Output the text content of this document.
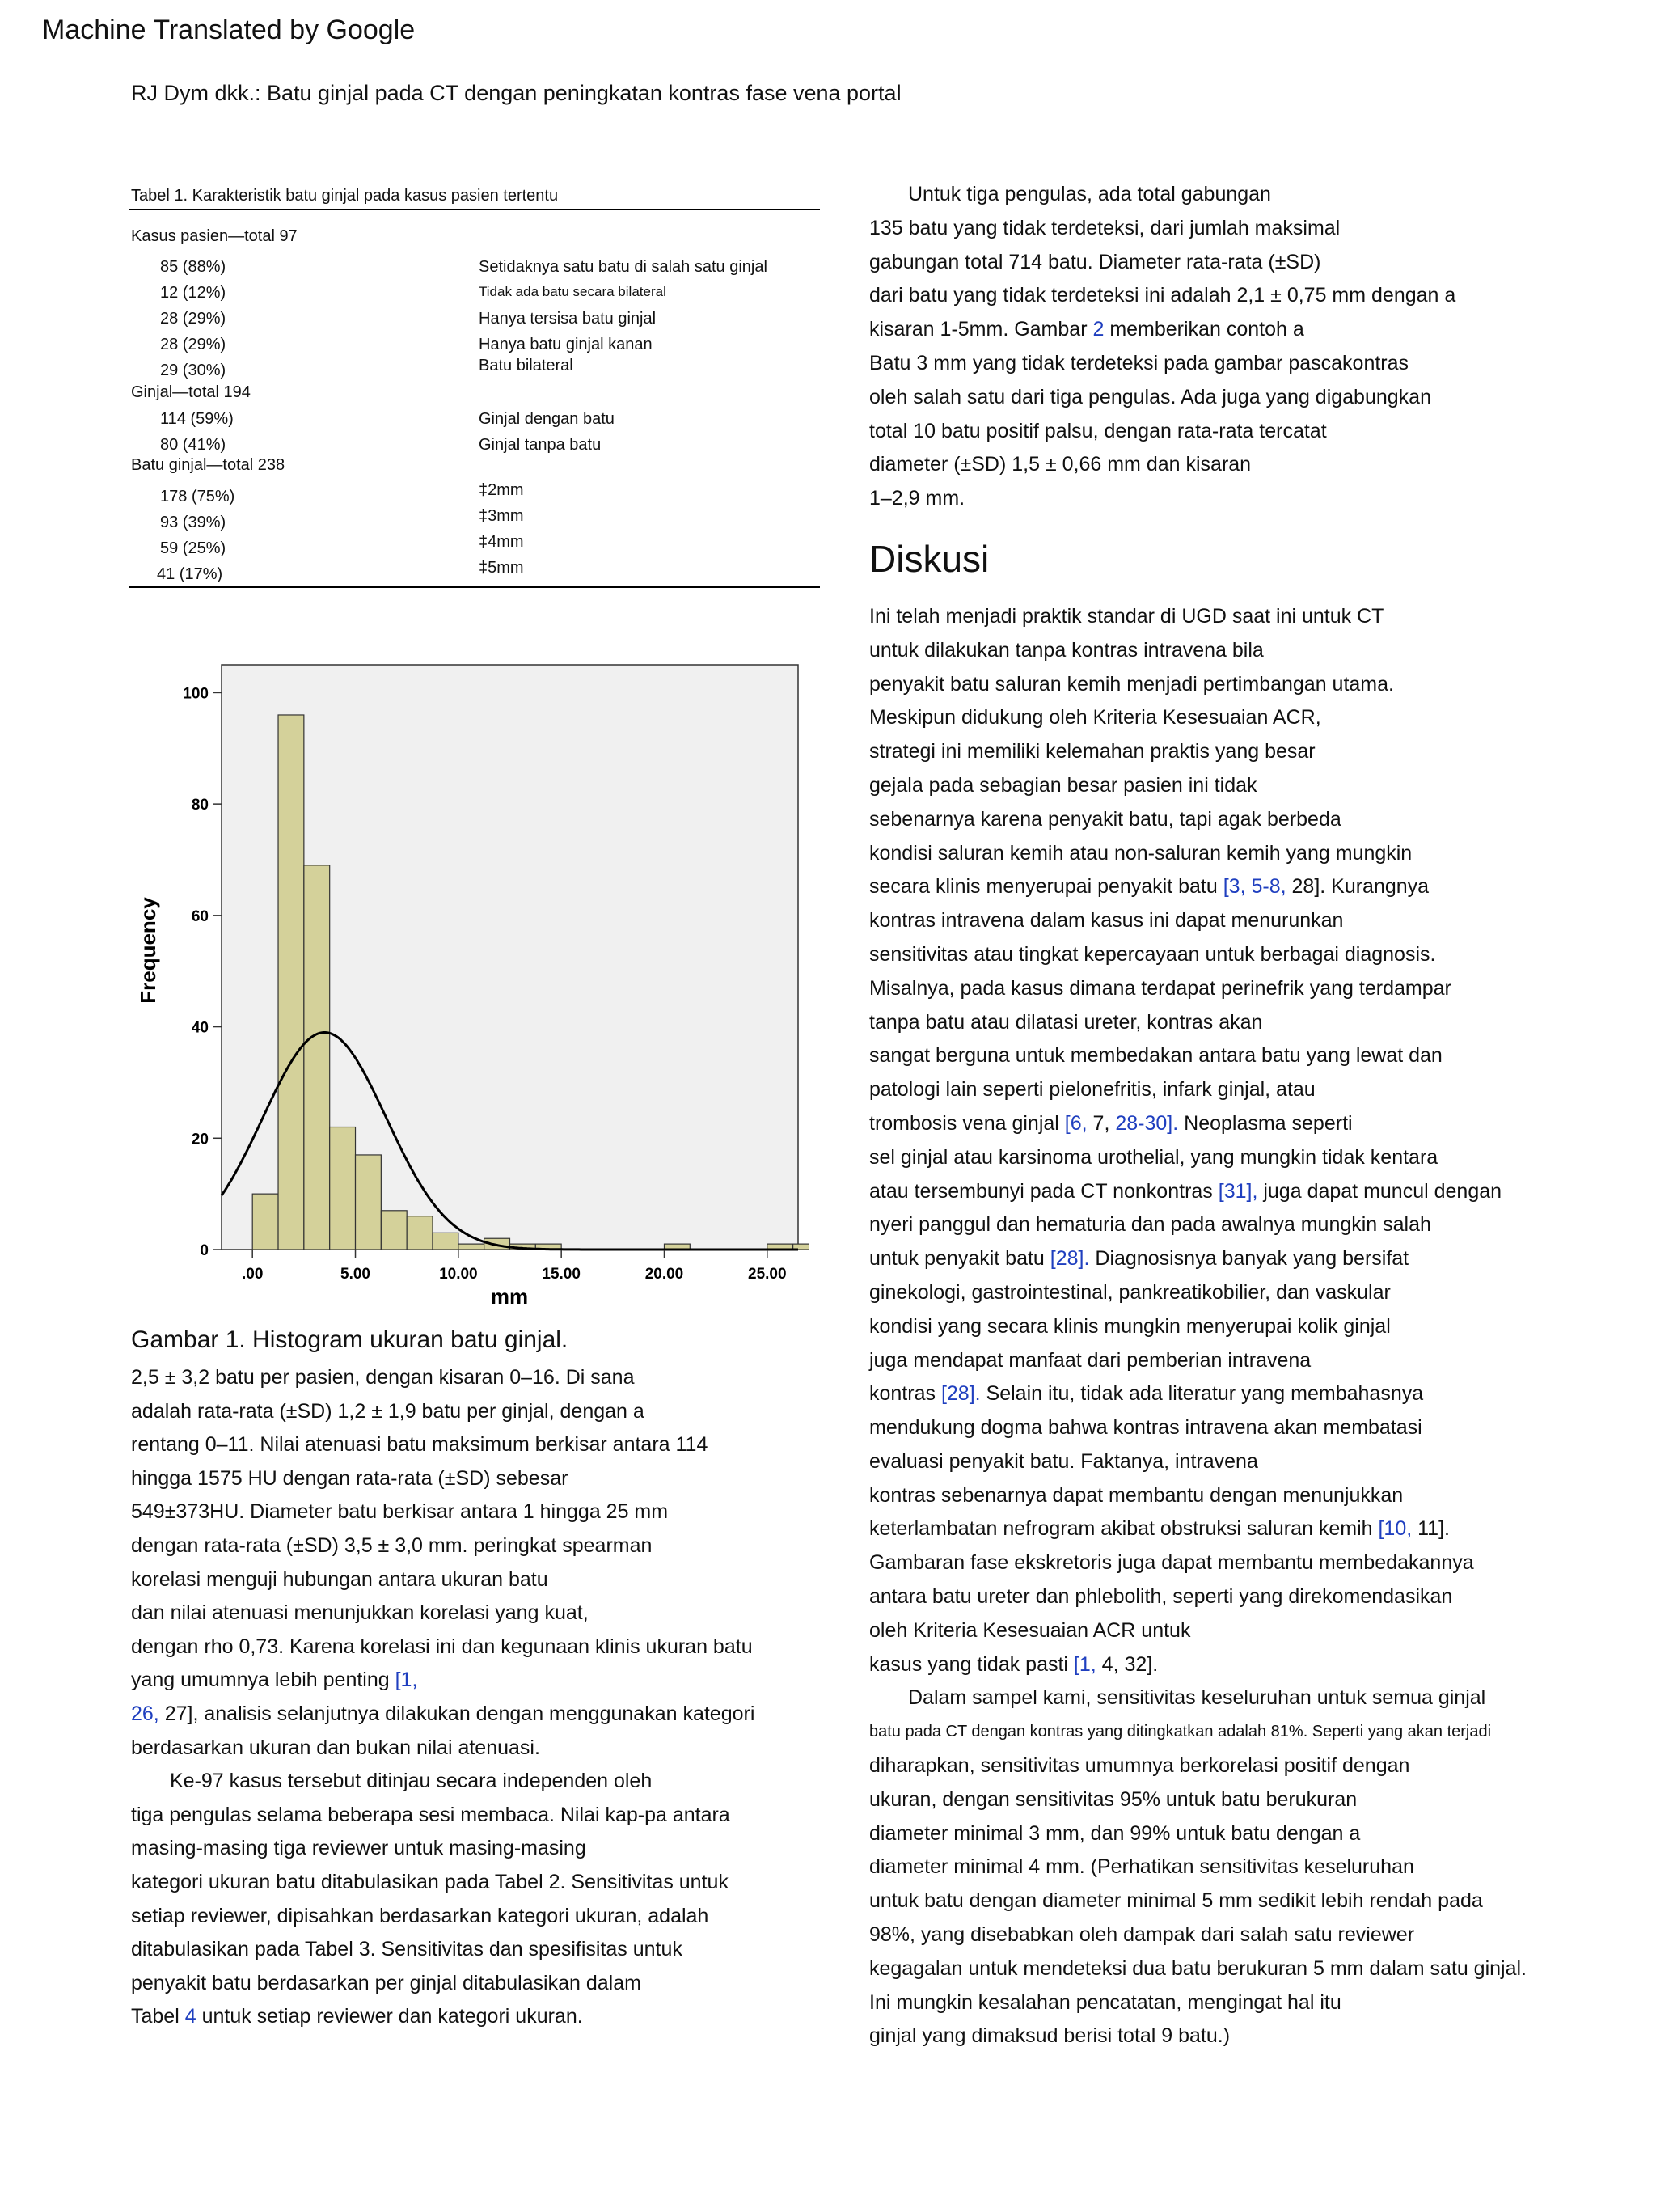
Machine Translated by Google
RJ Dym dkk.: Batu ginjal pada CT dengan peningkatan kontras fase vena portal
Tabel 1. Karakteristik batu ginjal pada kasus pasien tertentu
Kasus pasien—total 97
85 (88%)	Setidaknya satu batu di salah satu ginjal
12 (12%)	Tidak ada batu secara bilateral
28 (29%)	Hanya tersisa batu ginjal
28 (29%)	Hanya batu ginjal kanan
29 (30%)	Batu bilateral
Ginjal—total 194
114 (59%)	Ginjal dengan batu
80 (41%)	Ginjal tanpa batu
Batu ginjal—total 238
178 (75%)	‡2mm
93 (39%)	‡3mm
59 (25%)	‡4mm
41 (17%)	‡5mm
0
20
40
60
80
100
.00	5.00	10.00	15.00	20.00	25.00
Frequency
mm
Gambar 1. Histogram ukuran batu ginjal.
2,5 ± 3,2 batu per pasien, dengan kisaran 0–16. Di sana
adalah rata-rata (±SD) 1,2 ± 1,9 batu per ginjal, dengan a
rentang 0–11. Nilai atenuasi batu maksimum berkisar antara 114
hingga 1575 HU dengan rata-rata (±SD) sebesar
549±373HU. Diameter batu berkisar antara 1 hingga 25 mm
dengan rata-rata (±SD) 3,5 ± 3,0 mm. peringkat spearman
korelasi menguji hubungan antara ukuran batu
dan nilai atenuasi menunjukkan korelasi yang kuat,
dengan rho 0,73. Karena korelasi ini dan kegunaan klinis ukuran batu
yang umumnya lebih penting [1,
26, 27], analisis selanjutnya dilakukan dengan menggunakan kategori
berdasarkan ukuran dan bukan nilai atenuasi.
Ke-97 kasus tersebut ditinjau secara independen oleh
tiga pengulas selama beberapa sesi membaca. Nilai kap-pa antara
masing-masing tiga reviewer untuk masing-masing
kategori ukuran batu ditabulasikan pada Tabel 2. Sensitivitas untuk
setiap reviewer, dipisahkan berdasarkan kategori ukuran, adalah
ditabulasikan pada Tabel 3. Sensitivitas dan spesifisitas untuk
penyakit batu berdasarkan per ginjal ditabulasikan dalam
Tabel 4 untuk setiap reviewer dan kategori ukuran.
Untuk tiga pengulas, ada total gabungan
135 batu yang tidak terdeteksi, dari jumlah maksimal
gabungan total 714 batu. Diameter rata-rata (±SD)
dari batu yang tidak terdeteksi ini adalah 2,1 ± 0,75 mm dengan a
kisaran 1-5mm. Gambar 2 memberikan contoh a
Batu 3 mm yang tidak terdeteksi pada gambar pascakontras
oleh salah satu dari tiga pengulas. Ada juga yang digabungkan
total 10 batu positif palsu, dengan rata-rata tercatat
diameter (±SD) 1,5 ± 0,66 mm dan kisaran
1–2,9 mm.
Diskusi
Ini telah menjadi praktik standar di UGD saat ini untuk CT
untuk dilakukan tanpa kontras intravena bila
penyakit batu saluran kemih menjadi pertimbangan utama.
Meskipun didukung oleh Kriteria Kesesuaian ACR,
strategi ini memiliki kelemahan praktis yang besar
gejala pada sebagian besar pasien ini tidak
sebenarnya karena penyakit batu, tapi agak berbeda
kondisi saluran kemih atau non-saluran kemih yang mungkin
secara klinis menyerupai penyakit batu [3, 5-8, 28]. Kurangnya
kontras intravena dalam kasus ini dapat menurunkan
sensitivitas atau tingkat kepercayaan untuk berbagai diagnosis.
Misalnya, pada kasus dimana terdapat perinefrik yang terdampar
tanpa batu atau dilatasi ureter, kontras akan
sangat berguna untuk membedakan antara batu yang lewat dan
patologi lain seperti pielonefritis, infark ginjal, atau
trombosis vena ginjal [6, 7, 28-30]. Neoplasma seperti
sel ginjal atau karsinoma urothelial, yang mungkin tidak kentara
atau tersembunyi pada CT nonkontras [31], juga dapat muncul dengan
nyeri panggul dan hematuria dan pada awalnya mungkin salah
untuk penyakit batu [28]. Diagnosisnya banyak yang bersifat
ginekologi, gastrointestinal, pankreatikobilier, dan vaskular
kondisi yang secara klinis mungkin menyerupai kolik ginjal
juga mendapat manfaat dari pemberian intravena
kontras [28]. Selain itu, tidak ada literatur yang membahasnya
mendukung dogma bahwa kontras intravena akan membatasi
evaluasi penyakit batu. Faktanya, intravena
kontras sebenarnya dapat membantu dengan menunjukkan
keterlambatan nefrogram akibat obstruksi saluran kemih [10, 11].
Gambaran fase ekskretoris juga dapat membantu membedakannya
antara batu ureter dan phlebolith, seperti yang direkomendasikan
oleh Kriteria Kesesuaian ACR untuk
kasus yang tidak pasti [1, 4, 32].
Dalam sampel kami, sensitivitas keseluruhan untuk semua ginjal
batu pada CT dengan kontras yang ditingkatkan adalah 81%. Seperti yang akan terjadi
diharapkan, sensitivitas umumnya berkorelasi positif dengan
ukuran, dengan sensitivitas 95% untuk batu berukuran
diameter minimal 3 mm, dan 99% untuk batu dengan a
diameter minimal 4 mm. (Perhatikan sensitivitas keseluruhan
untuk batu dengan diameter minimal 5 mm sedikit lebih rendah pada
98%, yang disebabkan oleh dampak dari salah satu reviewer
kegagalan untuk mendeteksi dua batu berukuran 5 mm dalam satu ginjal.
Ini mungkin kesalahan pencatatan, mengingat hal itu
ginjal yang dimaksud berisi total 9 batu.)
